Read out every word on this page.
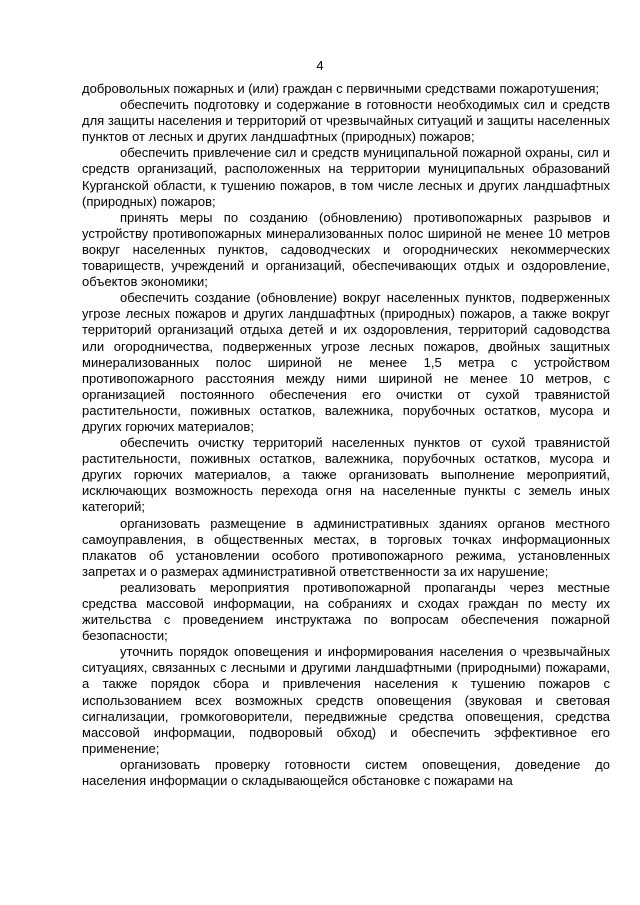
4

добровольных пожарных и (или) граждан с первичными средствами пожаротушения;

обеспечить подготовку и содержание в готовности необходимых сил и средств для защиты населения и территорий от чрезвычайных ситуаций и защиты населенных пунктов от лесных и других ландшафтных (природных) пожаров;

обеспечить привлечение сил и средств муниципальной пожарной охраны, сил и средств организаций, расположенных на территории муниципальных образований Курганской области, к тушению пожаров, в том числе лесных и других ландшафтных (природных) пожаров;

принять меры по созданию (обновлению) противопожарных разрывов и устройству противопожарных минерализованных полос шириной не менее 10 метров вокруг населенных пунктов, садоводческих и огороднических некоммерческих товариществ, учреждений и организаций, обеспечивающих отдых и оздоровление, объектов экономики;

обеспечить создание (обновление) вокруг населенных пунктов, подверженных угрозе лесных пожаров и других ландшафтных (природных) пожаров, а также вокруг территорий организаций отдыха детей и их оздоровления, территорий садоводства или огородничества, подверженных угрозе лесных пожаров, двойных защитных минерализованных полос шириной не менее 1,5 метра с устройством противопожарного расстояния между ними шириной не менее 10 метров, с организацией постоянного обеспечения его очистки от сухой травянистой растительности, поживных остатков, валежника, порубочных остатков, мусора и других горючих материалов;

обеспечить очистку территорий населенных пунктов от сухой травянистой растительности, поживных остатков, валежника, порубочных остатков, мусора и других горючих материалов, а также организовать выполнение мероприятий, исключающих возможность перехода огня на населенные пункты с земель иных категорий;

организовать размещение в административных зданиях органов местного самоуправления, в общественных местах, в торговых точках информационных плакатов об установлении особого противопожарного режима, установленных запретах и о размерах административной ответственности за их нарушение;

реализовать мероприятия противопожарной пропаганды через местные средства массовой информации, на собраниях и сходах граждан по месту их жительства с проведением инструктажа по вопросам обеспечения пожарной безопасности;

уточнить порядок оповещения и информирования населения о чрезвычайных ситуациях, связанных с лесными и другими ландшафтными (природными) пожарами, а также порядок сбора и привлечения населения к тушению пожаров с использованием всех возможных средств оповещения (звуковая и световая сигнализации, громкоговорители, передвижные средства оповещения, средства массовой информации, подворовый обход) и обеспечить эффективное его применение;

организовать проверку готовности систем оповещения, доведение до населения информации о складывающейся обстановке с пожарами на
